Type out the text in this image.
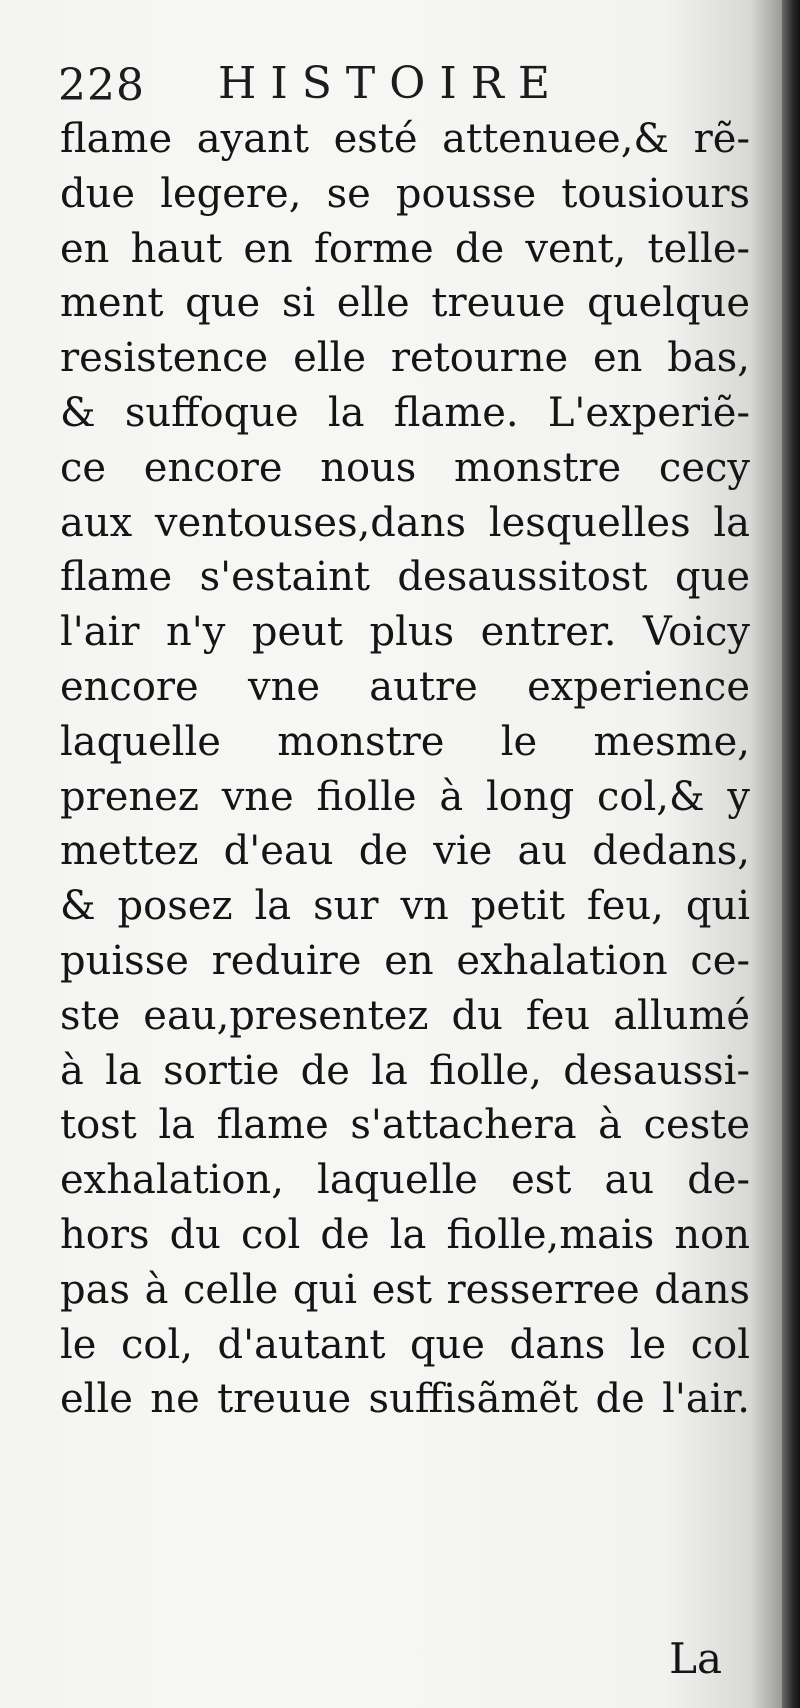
228 HISTOIRE
flame ayant esté attenuee,& rẽ-
due legere, se pousse tousiours
en haut en forme de vent, telle-
ment que si elle treuue quelque
resistence elle retourne en bas,
& suffoque la flame. L'experiẽ-
ce encore nous monstre cecy
aux ventouses,dans lesquelles la
flame s'estaint desaussitost que
l'air n'y peut plus entrer. Voicy
encore vne autre experience
laquelle monstre le mesme,
prenez vne fiolle à long col,& y
mettez d'eau de vie au dedans,
& posez la sur vn petit feu, qui
puisse reduire en exhalation ce-
ste eau,presentez du feu allumé
à la sortie de la fiolle, desaussi-
tost la flame s'attachera à ceste
exhalation, laquelle est au de-
hors du col de la fiolle,mais non
pas à celle qui est resserree dans
le col, d'autant que dans le col
elle ne treuue suffisãmẽt de l'air.
La
